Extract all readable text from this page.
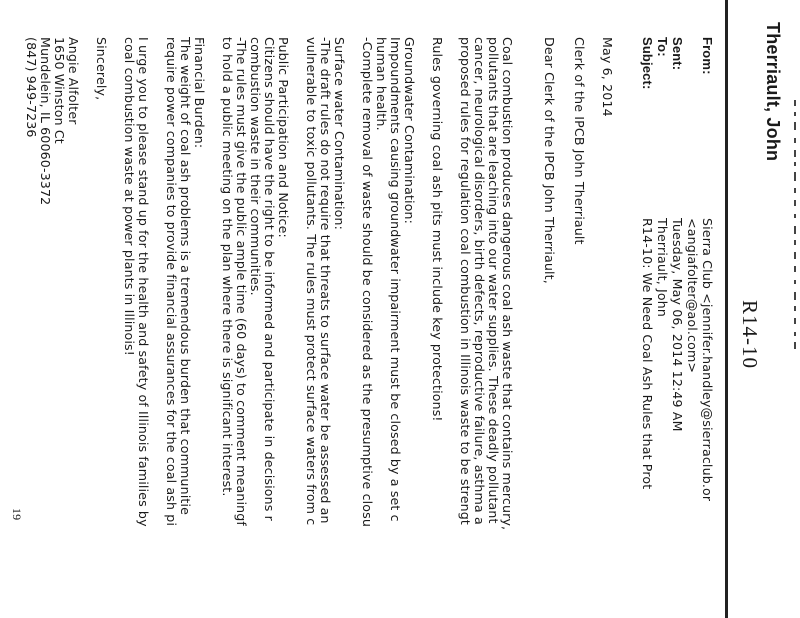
Therriault, John
R14-10
From:
Sierra Club <jennifer.handley@sierraclub.or
<angiafolter@aol.com>
Sent:
Tuesday, May 06, 2014 12:49 AM
To:
Therriault, John
Subject:
R14-10: We Need Coal Ash Rules that Prot
May 6, 2014
Clerk of the IPCB John Therriault
Dear Clerk of the IPCB John Therriault,
Coal combustion produces dangerous coal ash waste that contains mercury,
pollutants that are leaching into our water supplies. These deadly pollutant
cancer, neurological disorders, birth defects, reproductive failure, asthma a
proposed rules for regulation coal combustion in Illinois waste to be strengt
Rules governing coal ash pits must include key protections!
Groundwater Contamination:
Impoundments causing groundwater impairment must be closed by a set c
human health.
-Complete removal of waste should be considered as the presumptive closu
Surface water Contamination:
-The draft rules do not require that threats to surface water be assessed an
vulnerable to toxic pollutants. The rules must protect surface waters from c
Public Participation and Notice:
Citizens should have the right to be informed and participate in decisions r
combustion waste in their communities.
-The rules must give the public ample time (60 days) to comment meaningf
to hold a public meeting on the plan where there is significant interest.
Financial Burden:
The weight of coal ash problems is a tremendous burden that communitie
require power companies to provide financial assurances for the coal ash pi
I urge you to please stand up for the health and safety of Illinois families by
coal combustion waste at power plants in Illinois!
Sincerely,
Angie Alfolter
1650 Winston Ct
Mundelein, IL 60060-3372
(847) 949-7236
19
